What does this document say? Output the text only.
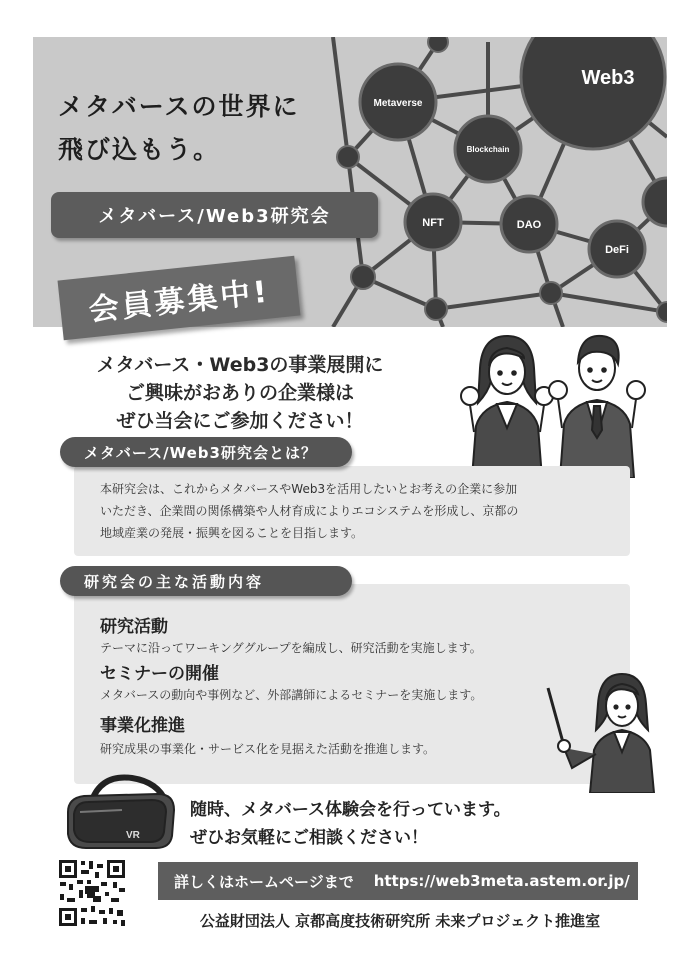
Web3
Metaverse
Blockchain
NFT	DAO
DeFi
メタバースの世界に
飛び込もう。
メタバース/Web3研究会
会員募集中!
メタバース・Web3の事業展開に
ご興味がおありの企業様は
ぜひ当会にご参加ください！
メタバース/Web3研究会とは？
本研究会は、これからメタバースやWeb3を活用したいとお考えの企業に参加
いただき、企業間の関係構築や人材育成によりエコシステムを形成し、京都の
地域産業の発展・振興を図ることを目指します。
研究会の主な活動内容
研究活動
テーマに沿ってワーキンググループを編成し、研究活動を実施します。
セミナーの開催
メタバースの動向や事例など、外部講師によるセミナーを実施します。
事業化推進
研究成果の事業化・サービス化を見据えた活動を推進します。
VR
随時、メタバース体験会を行っています。
ぜひお気軽にご相談ください！
詳しくはホームページまで https://web3meta.astem.or.jp/
公益財団法人 京都高度技術研究所 未来プロジェクト推進室
